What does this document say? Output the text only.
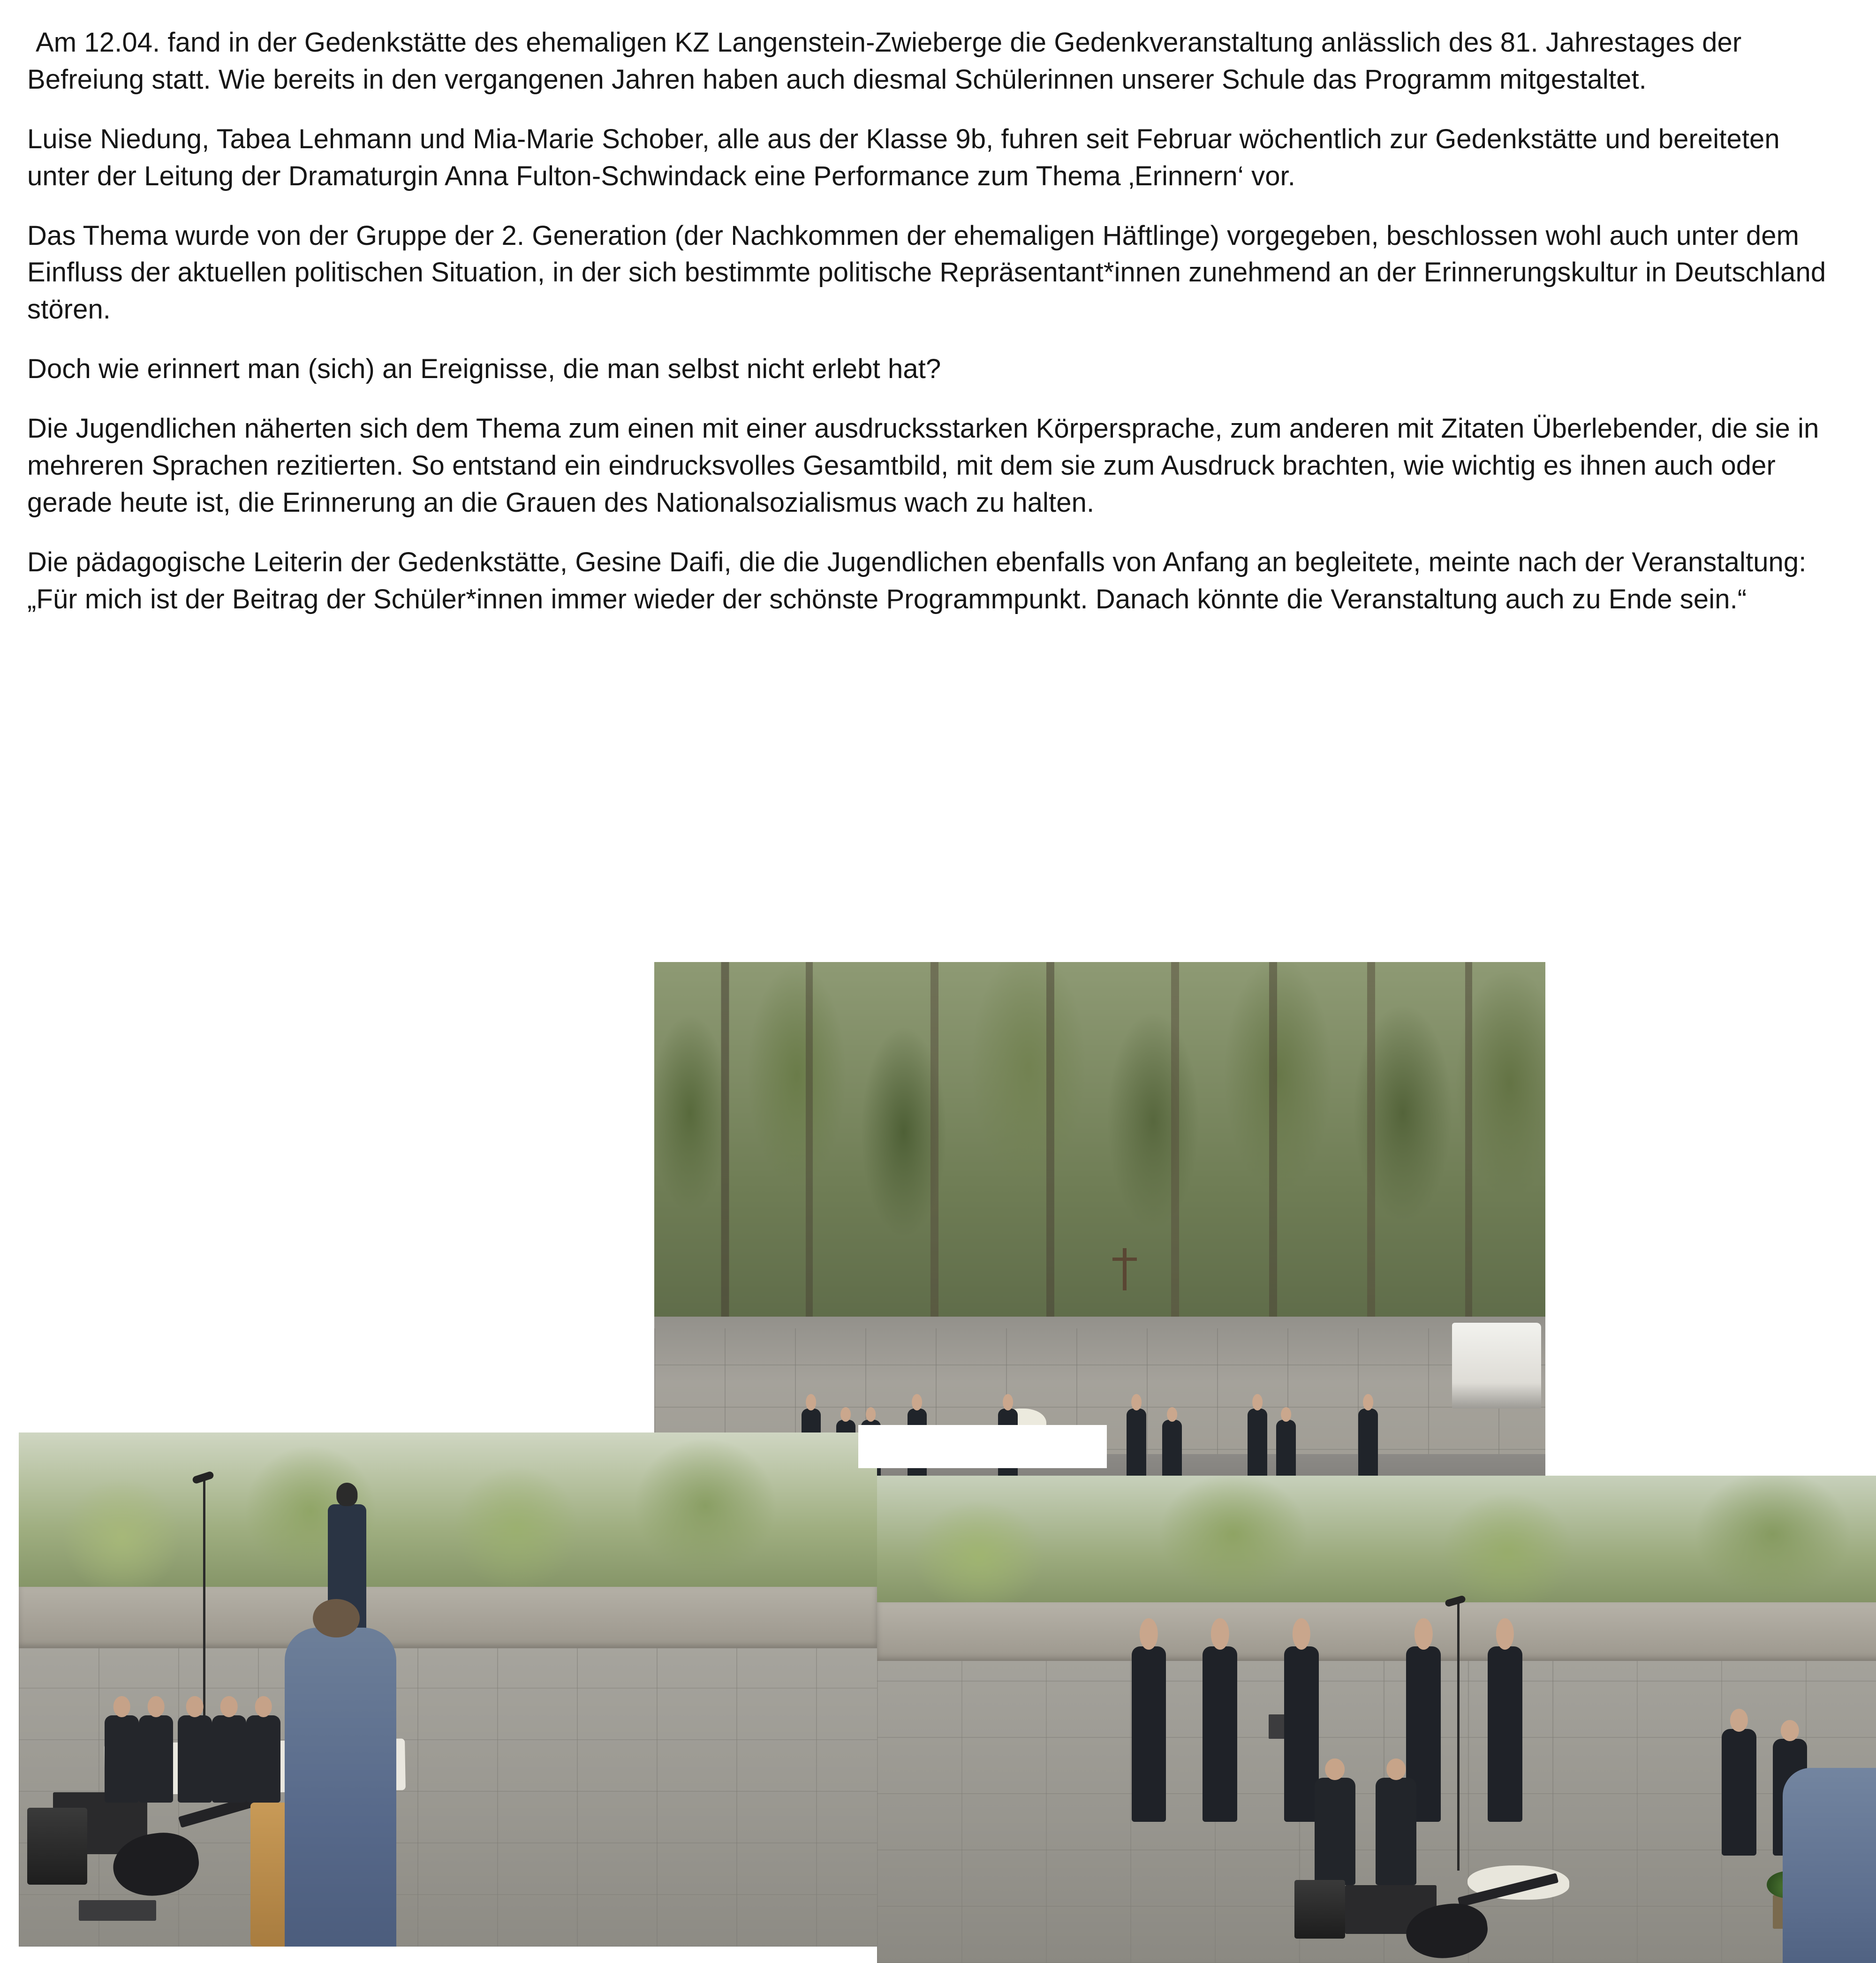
Am 12.04. fand in der Gedenkstätte des ehemaligen KZ Langenstein-Zwieberge die Gedenkveranstaltung anlässlich des 81. Jahrestages der Befreiung statt. Wie bereits in den vergangenen Jahren haben auch diesmal Schülerinnen unserer Schule das Programm mitgestaltet.

Luise Niedung, Tabea Lehmann und Mia-Marie Schober, alle aus der Klasse 9b, fuhren seit Februar wöchentlich zur Gedenkstätte und bereiteten unter der Leitung der Dramaturgin Anna Fulton-Schwindack eine Performance zum Thema ‚Erinnern‘ vor.

Das Thema wurde von der Gruppe der 2. Generation (der Nachkommen der ehemaligen Häftlinge) vorgegeben, beschlossen wohl auch unter dem Einfluss der aktuellen politischen Situation, in der sich bestimmte politische Repräsentant*innen zunehmend an der Erinnerungskultur in Deutschland stören.

Doch wie erinnert man (sich) an Ereignisse, die man selbst nicht erlebt hat?

Die Jugendlichen näherten sich dem Thema zum einen mit einer ausdrucksstarken Körpersprache, zum anderen mit Zitaten Überlebender, die sie in mehreren Sprachen rezitierten. So entstand ein eindrucksvolles Gesamtbild, mit dem sie zum Ausdruck brachten, wie wichtig es ihnen auch oder gerade heute ist, die Erinnerung an die Grauen des Nationalsozialismus wach zu halten.

Die pädagogische Leiterin der Gedenkstätte, Gesine Daifi, die die Jugendlichen ebenfalls von Anfang an begleitete, meinte nach der Veranstaltung: „Für mich ist der Beitrag der Schüler*innen immer wieder der schönste Programmpunkt. Danach könnte die Veranstaltung auch zu Ende sein.“
